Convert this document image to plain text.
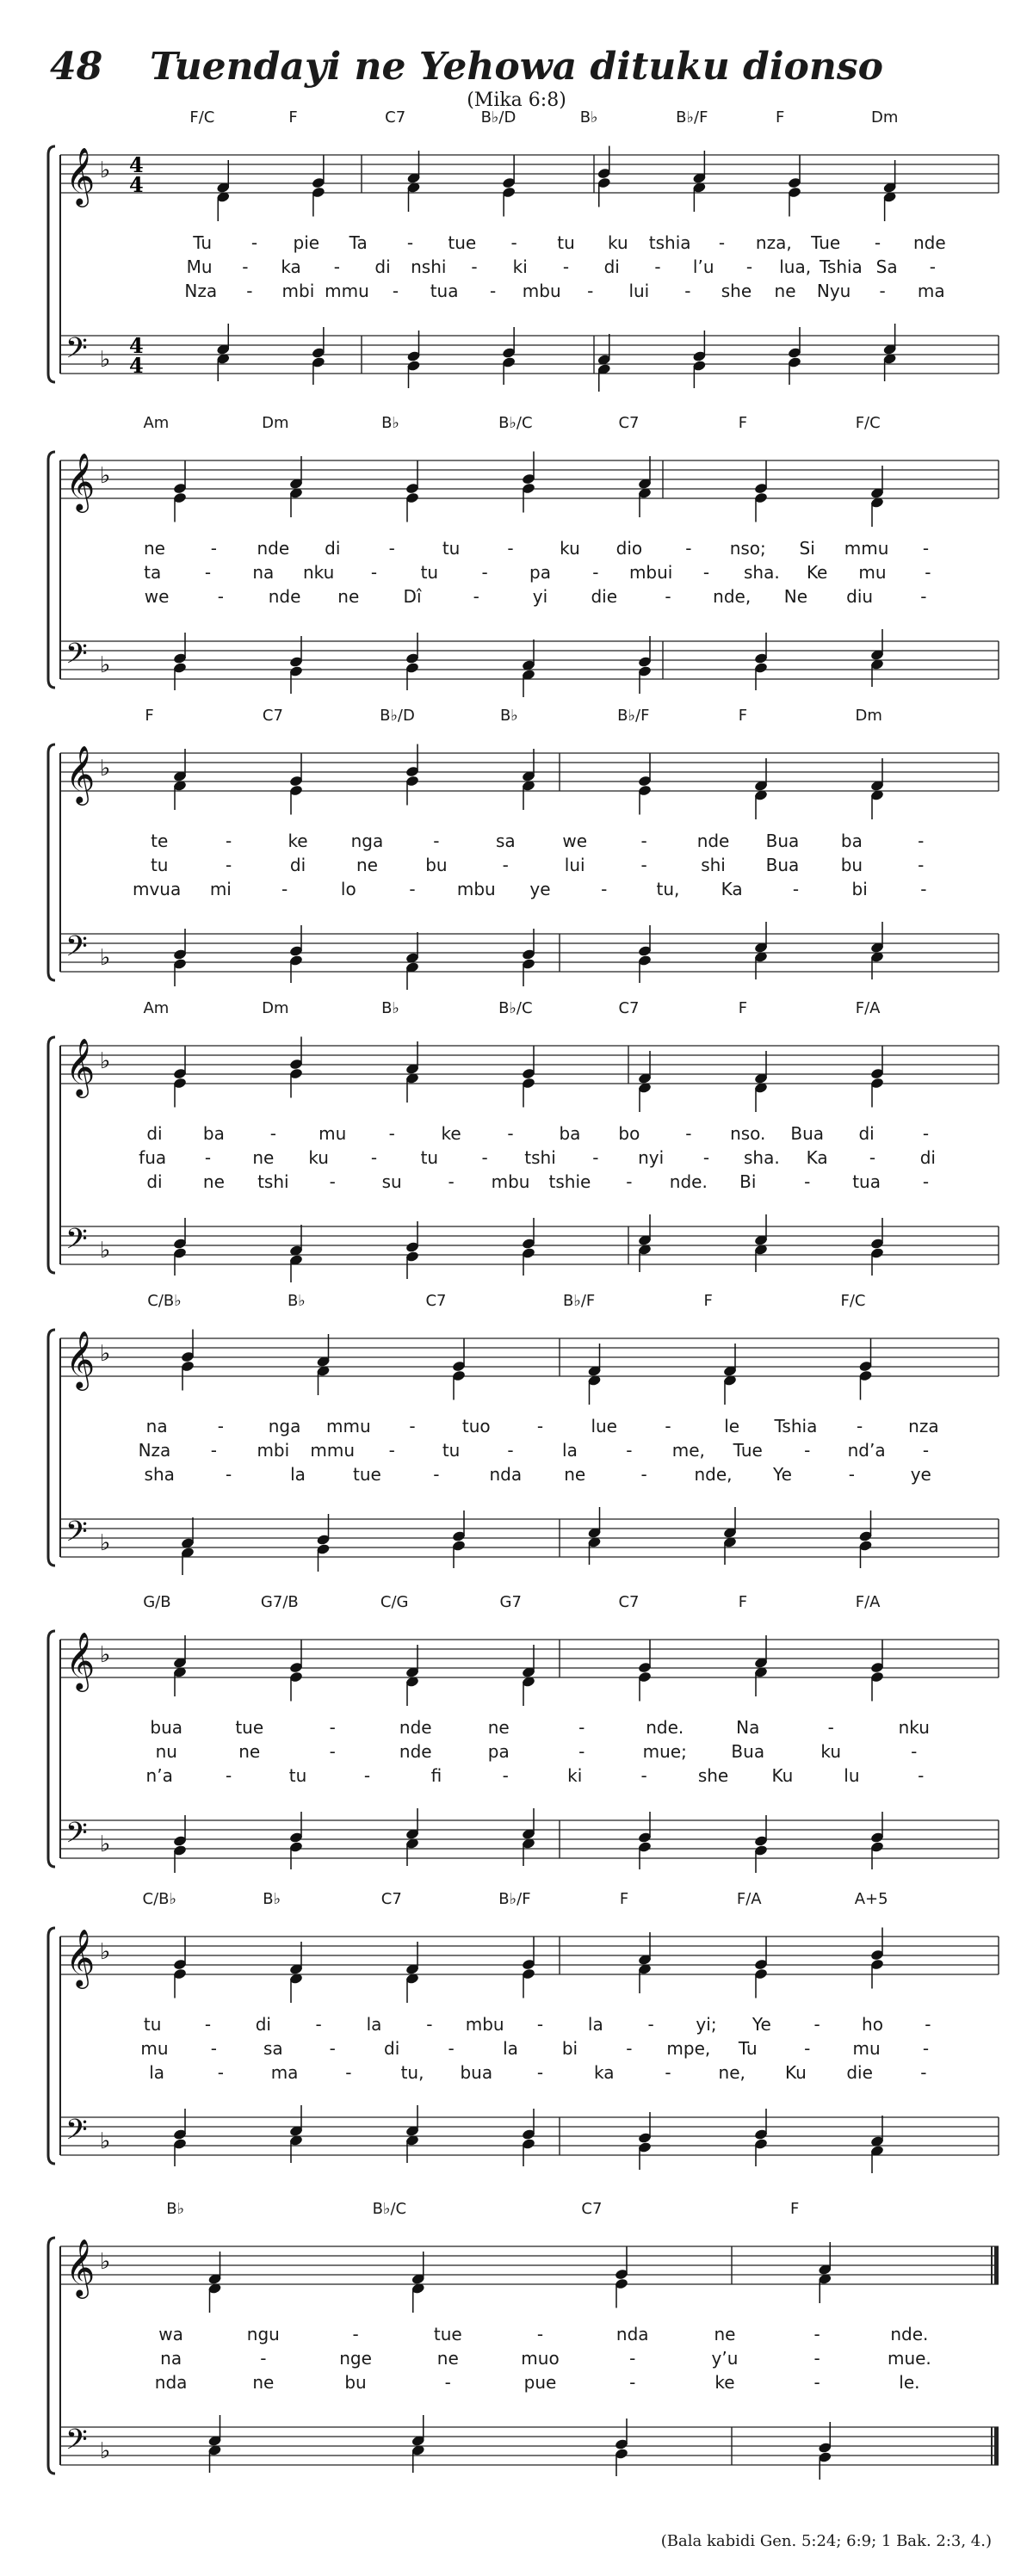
48	Tuendayi ne Yehowa dituku dionso
(Mika 6:8)
𝄞 ♭
𝄢 ♭
4
4
4
4
F/C	F	C7	B♭/D	B♭	B♭/F	F	Dm
Tu - pie Ta - tue - tu ku tshia - nza, Tue - nde
Mu - ka - di nshi - ki - di - l’u - lua, Tshia Sa -
Nza - mbi mmu - tua - mbu - lui - she ne Nyu - ma
𝄞 ♭
𝄢 ♭
Am	Dm	B♭	B♭/C	C7	F	F/C
ne	- nde di	-	tu	-	ku dio	- nso; Si mmu -
ta	- na nku -	tu	- pa - mbui - sha. Ke mu -
we	-	nde ne	Dî	-	yi	die	- nde, Ne diu	-
𝄞 ♭
𝄢 ♭
F	C7	B♭/D	B♭	B♭/F	F	Dm
te	-	ke	nga	-	sa	we	-	nde Bua ba	-
tu	-	di	ne	bu	-	lui	-	shi Bua bu	-
mvua mi	-	lo	- mbu ye	-	tu, Ka	-	bi	-
𝄞 ♭
𝄢 ♭
Am	Dm	B♭	B♭/C	C7	F	F/A
di ba	- mu -	ke	-	ba bo	- nso. Bua di	-
fua - ne ku -	tu	- tshi - nyi - sha. Ka -	di
di ne tshi -	su	- mbu tshie - nde. Bi	- tua -
𝄞 ♭
𝄢 ♭
C/B♭	B♭	C7	B♭/F	F	F/C
na	-	nga mmu -	tuo	-	lue	-	le Tshia -	nza
Nza - mbi mmu -	tu	-	la	- me, Tue - nd’a -
sha	-	la	tue	-	nda ne	-	nde, Ye	-	ye
𝄞 ♭
𝄢 ♭
G/B	G7/B	C/G	G7	C7	F	F/A
bua	tue	-	nde	ne	-	nde.	Na	-	nku
nu	ne	-	nde	pa	-	mue;	Bua	ku	-
n’a	-	tu	-	fi	-	ki	-	she	Ku	lu	-
𝄞 ♭
𝄢 ♭
C/B♭	B♭	C7	B♭/F	F	F/A	A+5
tu	-	di	-	la	- mbu -	la	- yi; Ye - ho -
mu -	sa	-	di	-	la	bi	- mpe, Tu	- mu -
la	-	ma	-	tu, bua	-	ka	-	ne, Ku die	-
𝄞 ♭
𝄢 ♭
B♭	B♭/C	C7	F
wa	ngu	-	tue	-	nda	ne	-	nde.
na	-	nge	ne	muo	-	y’u	-	mue.
nda	ne	bu	-	pue	-	ke	-	le.
(Bala kabidi Gen. 5:24; 6:9; 1 Bak. 2:3, 4.)
